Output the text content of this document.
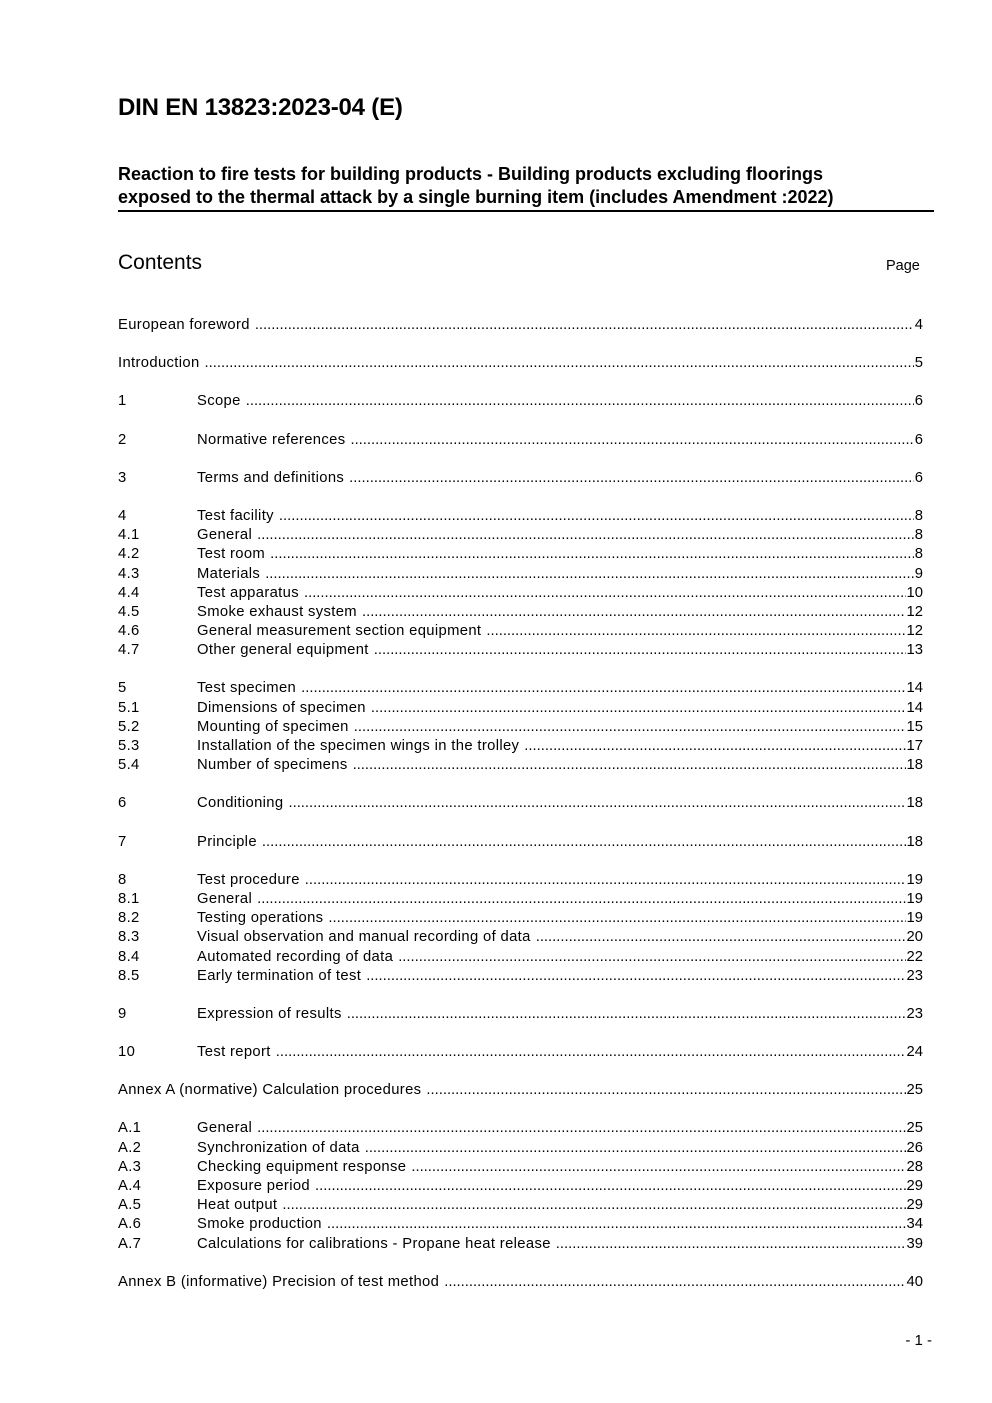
DIN EN 13823:2023-04 (E)
Reaction to fire tests for building products - Building products excluding floorings
exposed to the thermal attack by a single burning item (includes Amendment :2022)
Contents	Page
European foreword .....	4
Introduction .....	5
1	Scope .....	6
2	Normative references .....	6
3	Terms and definitions .....	6
4	Test facility .....	8
4.1	General .....	8
4.2	Test room .....	8
4.3	Materials .....	9
4.4	Test apparatus .....	10
4.5	Smoke exhaust system .....	12
4.6	General measurement section equipment .....	12
4.7	Other general equipment .....	13
5	Test specimen .....	14
5.1	Dimensions of specimen .....	14
5.2	Mounting of specimen .....	15
5.3	Installation of the specimen wings in the trolley .....	17
5.4	Number of specimens .....	18
6	Conditioning .....	18
7	Principle .....	18
8	Test procedure .....	19
8.1	General .....	19
8.2	Testing operations .....	19
8.3	Visual observation and manual recording of data .....	20
8.4	Automated recording of data .....	22
8.5	Early termination of test .....	23
9	Expression of results .....	23
10	Test report .....	24
Annex A (normative) Calculation procedures .....	25
A.1	General .....	25
A.2	Synchronization of data .....	26
A.3	Checking equipment response .....	28
A.4	Exposure period .....	29
A.5	Heat output .....	29
A.6	Smoke production .....	34
A.7	Calculations for calibrations - Propane heat release .....	39
Annex B (informative) Precision of test method .....	40
- 1 -
